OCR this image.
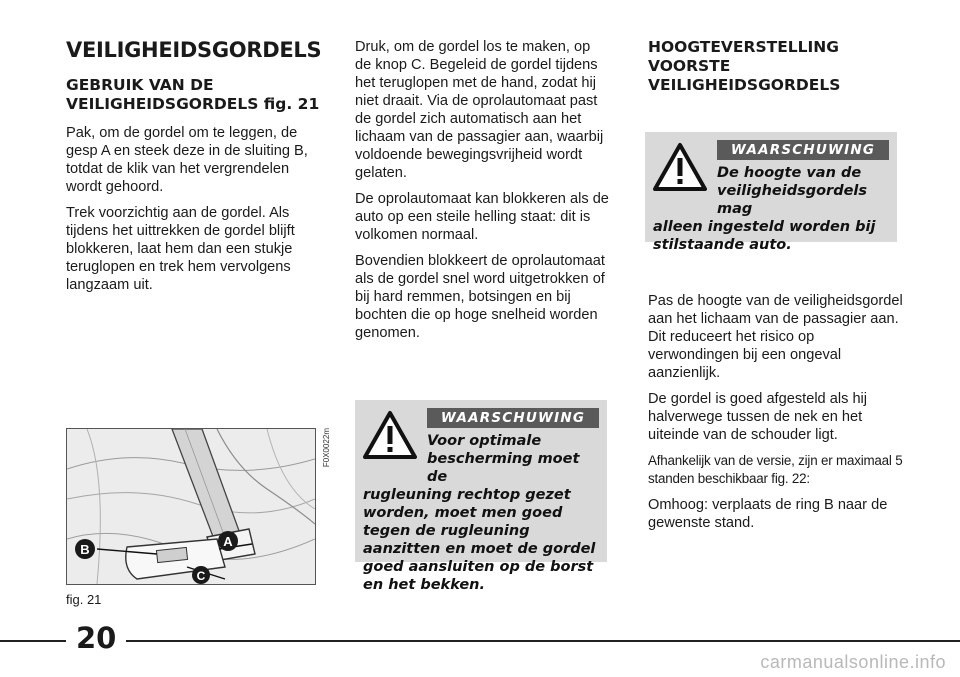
VEILIGHEIDSGORDELS
GEBRUIK VAN DE VEILIGHEIDSGORDELS fig. 21

Pak, om de gordel om te leggen, de gesp A en steek deze in de sluiting B, totdat de klik van het vergrendelen wordt gehoord.

Trek voorzichtig aan de gordel. Als tijdens het uittrekken de gordel blijft blokkeren, laat hem dan een stukje teruglopen en trek hem vervolgens langzaam uit.

B
A
C
F0X0022m
fig. 21

Druk, om de gordel los te maken, op de knop C. Begeleid de gordel tijdens het teruglopen met de hand, zodat hij niet draait. Via de oprolautomaat past de gordel zich automatisch aan het lichaam van de passagier aan, waarbij voldoende bewegingsvrijheid wordt gelaten.

De oprolautomaat kan blokkeren als de auto op een steile helling staat: dit is volkomen normaal.

Bovendien blokkeert de oprolautomaat als de gordel snel word uitgetrokken of bij hard remmen, botsingen en bij bochten die op hoge snelheid worden genomen.

WAARSCHUWING
Voor optimale bescherming moet de
rugleuning rechtop gezet worden, moet men goed tegen de rugleuning aanzitten en moet de gordel goed aansluiten op de borst en het bekken.
HOOGTEVERSTELLING VOORSTE VEILIGHEIDSGORDELS
WAARSCHUWING
De hoogte van de veiligheidsgordels mag
alleen ingesteld worden bij stilstaande auto.

Pas de hoogte van de veiligheidsgordel aan het lichaam van de passagier aan. Dit reduceert het risico op verwondingen bij een ongeval aanzienlijk.

De gordel is goed afgesteld als hij halverwege tussen de nek en het uiteinde van de schouder ligt.

Afhankelijk van de versie, zijn er maximaal 5 standen beschikbaar fig. 22:

Omhoog: verplaats de ring B naar de gewenste stand.

20
carmanualsonline.info
